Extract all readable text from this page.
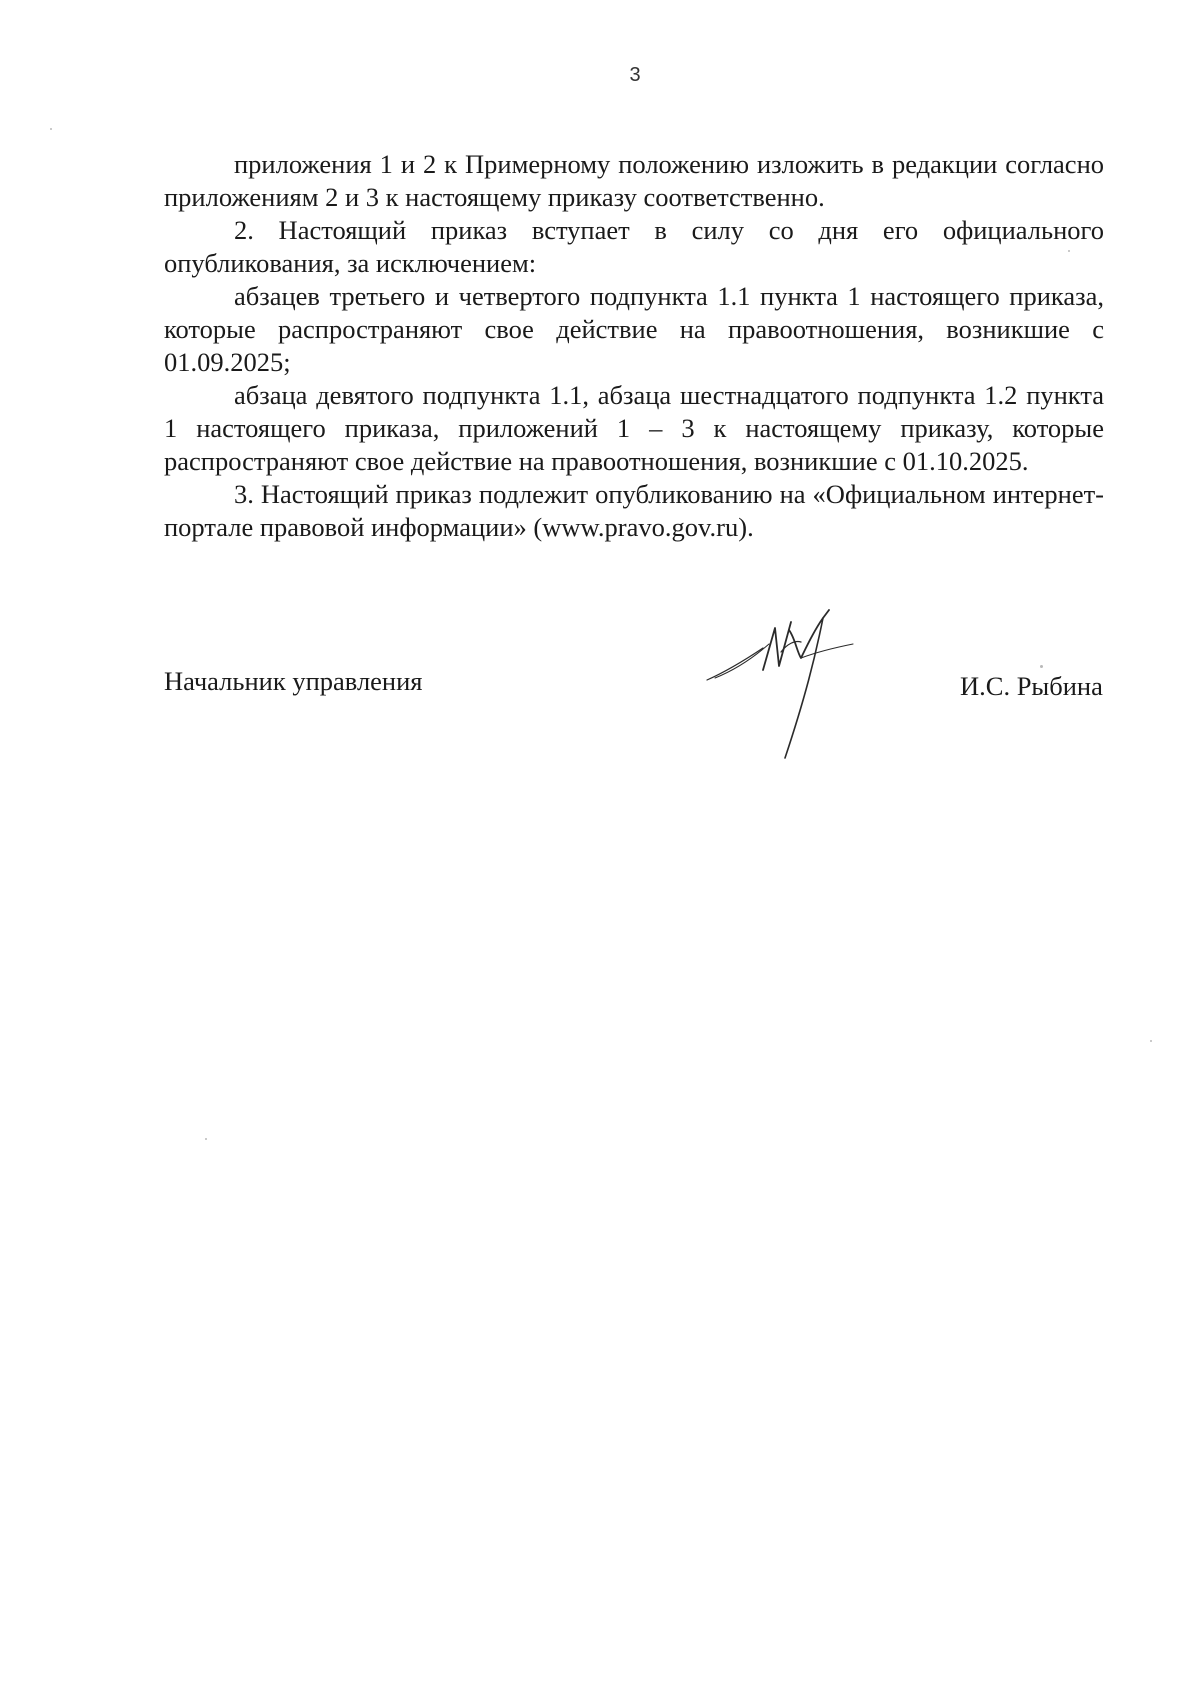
3

приложения 1 и 2 к Примерному положению изложить в редакции согласно приложениям 2 и 3 к настоящему приказу соответственно.

2. Настоящий приказ вступает в силу со дня его официального опубликования, за исключением:

абзацев третьего и четвертого подпункта 1.1 пункта 1 настоящего приказа, которые распространяют свое действие на правоотношения, возникшие с 01.09.2025;

абзаца девятого подпункта 1.1, абзаца шестнадцатого подпункта 1.2 пункта 1 настоящего приказа, приложений 1 – 3 к настоящему приказу, которые распространяют свое действие на правоотношения, возникшие с 01.10.2025.

3. Настоящий приказ подлежит опубликованию на «Официальном интернет-портале правовой информации» (www.pravo.gov.ru).

Начальник управления	И.С. Рыбина
